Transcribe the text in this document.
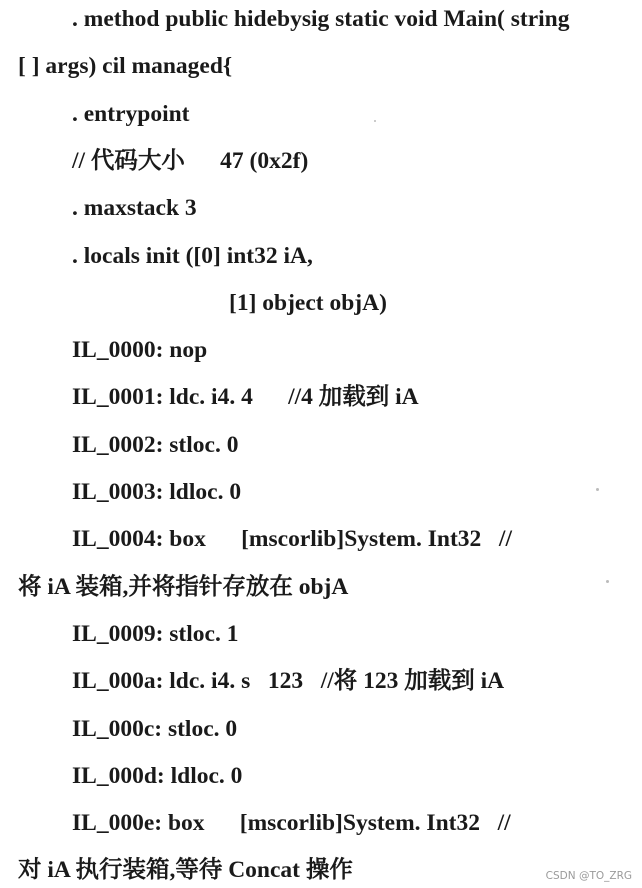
. method public hidebysig static void Main( string
[ ] args) cil managed{
. entrypoint
// 代码大小      47 (0x2f)
. maxstack 3
. locals init ([0] int32 iA,
[1] object objA)
IL_0000: nop
IL_0001: ldc. i4. 4      //4 加载到 iA
IL_0002: stloc. 0
IL_0003: ldloc. 0
IL_0004: box      [mscorlib]System. Int32   //
将 iA 装箱,并将指针存放在 objA
IL_0009: stloc. 1
IL_000a: ldc. i4. s   123   //将 123 加载到 iA
IL_000c: stloc. 0
IL_000d: ldloc. 0
IL_000e: box      [mscorlib]System. Int32   //
对 iA 执行装箱,等待 Concat 操作	CSDN @TO_ZRG
